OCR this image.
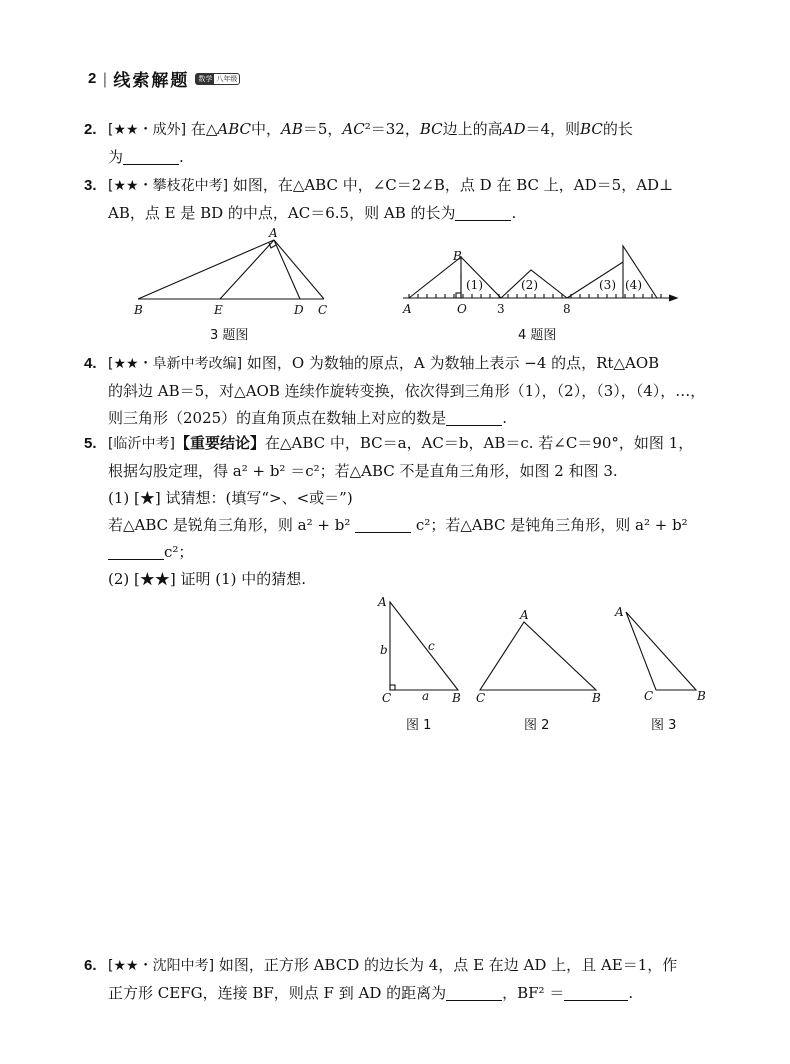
2 | 线索解题 数学 八年级
2. [★★・成外] 在△ABC中，AB＝5，AC²＝32，BC边上的高AD＝4，则BC的长
为	.
3. [★★・攀枝花中考] 如图，在△ABC 中，∠C＝2∠B，点 D 在 BC 上，AD＝5，AD⊥
AB，点 E 是 BD 的中点，AC＝6.5，则 AB 的长为	.
A
B	E	D C
3 题图
B
A	O	3	8
(1)	(2)	(3) (4)
4 题图
4. [★★・阜新中考改编] 如图，O 为数轴的原点，A 为数轴上表示 −4 的点，Rt△AOB
的斜边 AB＝5，对△AOB 连续作旋转变换，依次得到三角形（1），（2），（3），（4），…，
则三角形（2025）的直角顶点在数轴上对应的数是	.
5. [临沂中考]【重要结论】在△ABC 中，BC＝a，AC＝b，AB＝c. 若∠C＝90°，如图 1，
根据勾股定理，得 a² + b² ＝c²；若△ABC 不是直角三角形，如图 2 和图 3.
(1) [★] 试猜想：(填写“>、<或＝”)
若△ABC 是锐角三角形，则 a² + b²	c²；若△ABC 是钝角三角形，则 a² + b²
c²；
(2) [★★] 证明 (1) 中的猜想.
A
b	c
C	a B
A
C	B
A
C	B
图 1	图 2	图 3
6. [★★・沈阳中考] 如图，正方形 ABCD 的边长为 4，点 E 在边 AD 上，且 AE＝1，作
正方形 CEFG，连接 BF，则点 F 到 AD 的距离为	，BF² ＝	.
